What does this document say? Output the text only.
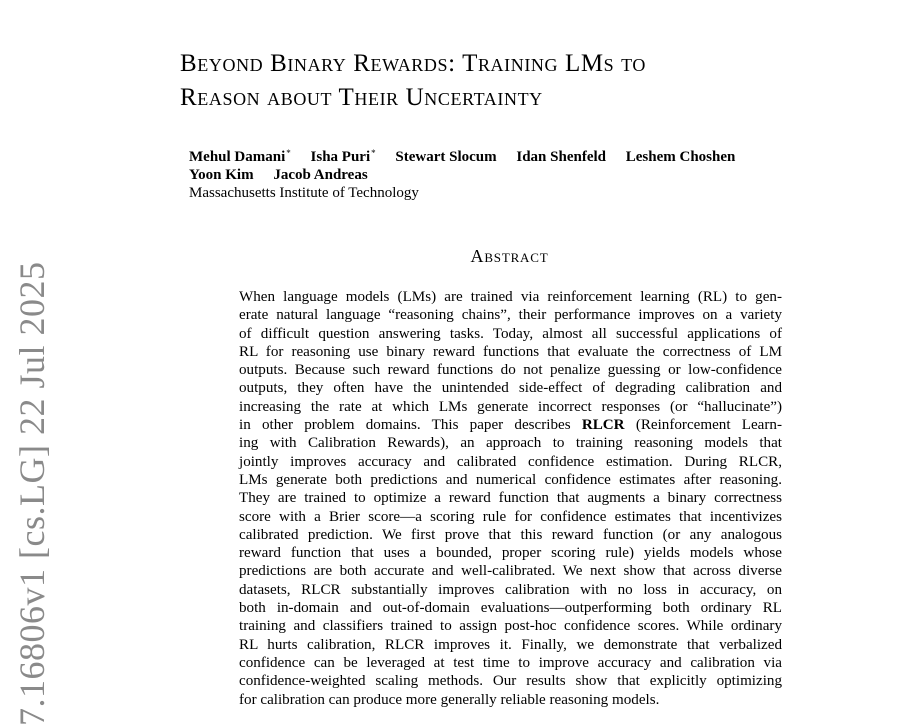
Beyond Binary Rewards: Training LMs to
Reason about Their Uncertainty
Mehul Damani* Isha Puri* Stewart Slocum Idan Shenfeld Leshem Choshen
Yoon Kim Jacob Andreas
Massachusetts Institute of Technology
Abstract
When language models (LMs) are trained via reinforcement learning (RL) to gen-
erate natural language “reasoning chains”, their performance improves on a variety
of difficult question answering tasks. Today, almost all successful applications of
RL for reasoning use binary reward functions that evaluate the correctness of LM
outputs. Because such reward functions do not penalize guessing or low-confidence
outputs, they often have the unintended side-effect of degrading calibration and
increasing the rate at which LMs generate incorrect responses (or “hallucinate”)
in other problem domains. This paper describes RLCR (Reinforcement Learn-
ing with Calibration Rewards), an approach to training reasoning models that
jointly improves accuracy and calibrated confidence estimation. During RLCR,
LMs generate both predictions and numerical confidence estimates after reasoning.
They are trained to optimize a reward function that augments a binary correctness
score with a Brier score—a scoring rule for confidence estimates that incentivizes
calibrated prediction. We first prove that this reward function (or any analogous
reward function that uses a bounded, proper scoring rule) yields models whose
predictions are both accurate and well-calibrated. We next show that across diverse
datasets, RLCR substantially improves calibration with no loss in accuracy, on
both in-domain and out-of-domain evaluations—outperforming both ordinary RL
training and classifiers trained to assign post-hoc confidence scores. While ordinary
RL hurts calibration, RLCR improves it. Finally, we demonstrate that verbalized
confidence can be leveraged at test time to improve accuracy and calibration via
confidence-weighted scaling methods. Our results show that explicitly optimizing
for calibration can produce more generally reliable reasoning models.
7.16806v1 [cs.LG] 22 Jul 2025
